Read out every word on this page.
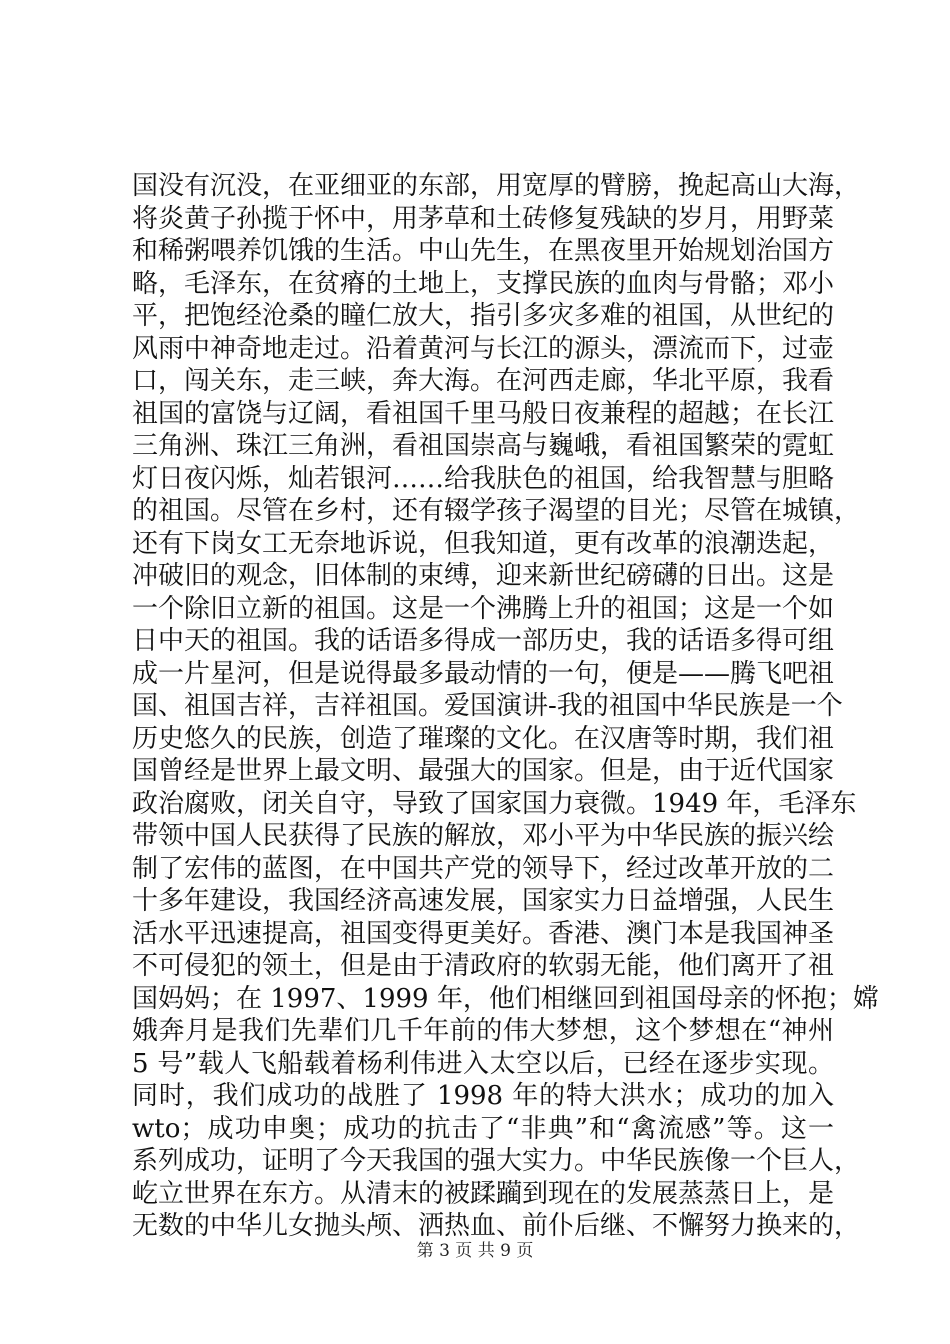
国没有沉没，在亚细亚的东部，用宽厚的臂膀，挽起高山大海，
将炎黄子孙揽于怀中，用茅草和土砖修复残缺的岁月，用野菜
和稀粥喂养饥饿的生活。中山先生，在黑夜里开始规划治国方
略，毛泽东，在贫瘠的土地上，支撑民族的血肉与骨骼；邓小
平，把饱经沧桑的瞳仁放大，指引多灾多难的祖国，从世纪的
风雨中神奇地走过。沿着黄河与长江的源头，漂流而下，过壶
口，闯关东，走三峡，奔大海。在河西走廊，华北平原，我看
祖国的富饶与辽阔，看祖国千里马般日夜兼程的超越；在长江
三角洲、珠江三角洲，看祖国崇高与巍峨，看祖国繁荣的霓虹
灯日夜闪烁，灿若银河……给我肤色的祖国，给我智慧与胆略
的祖国。尽管在乡村，还有辍学孩子渴望的目光；尽管在城镇，
还有下岗女工无奈地诉说，但我知道，更有改革的浪潮迭起，
冲破旧的观念，旧体制的束缚，迎来新世纪磅礴的日出。这是
一个除旧立新的祖国。这是一个沸腾上升的祖国；这是一个如
日中天的祖国。我的话语多得成一部历史，我的话语多得可组
成一片星河，但是说得最多最动情的一句，便是——腾飞吧祖
国、祖国吉祥，吉祥祖国。爱国演讲-我的祖国中华民族是一个
历史悠久的民族，创造了璀璨的文化。在汉唐等时期，我们祖
国曾经是世界上最文明、最强大的国家。但是，由于近代国家
政治腐败，闭关自守，导致了国家国力衰微。1949 年，毛泽东
带领中国人民获得了民族的解放，邓小平为中华民族的振兴绘
制了宏伟的蓝图，在中国共产党的领导下，经过改革开放的二
十多年建设，我国经济高速发展，国家实力日益增强，人民生
活水平迅速提高，祖国变得更美好。香港、澳门本是我国神圣
不可侵犯的领土，但是由于清政府的软弱无能，他们离开了祖
国妈妈；在 1997、1999 年，他们相继回到祖国母亲的怀抱；嫦
娥奔月是我们先辈们几千年前的伟大梦想，这个梦想在“神州
5 号”载人飞船载着杨利伟进入太空以后，已经在逐步实现。
同时，我们成功的战胜了 1998 年的特大洪水；成功的加入
wto；成功申奥；成功的抗击了“非典”和“禽流感”等。这一
系列成功，证明了今天我国的强大实力。中华民族像一个巨人，
屹立世界在东方。从清末的被蹂躏到现在的发展蒸蒸日上，是
无数的中华儿女抛头颅、洒热血、前仆后继、不懈努力换来的，
第 3 页 共 9 页
